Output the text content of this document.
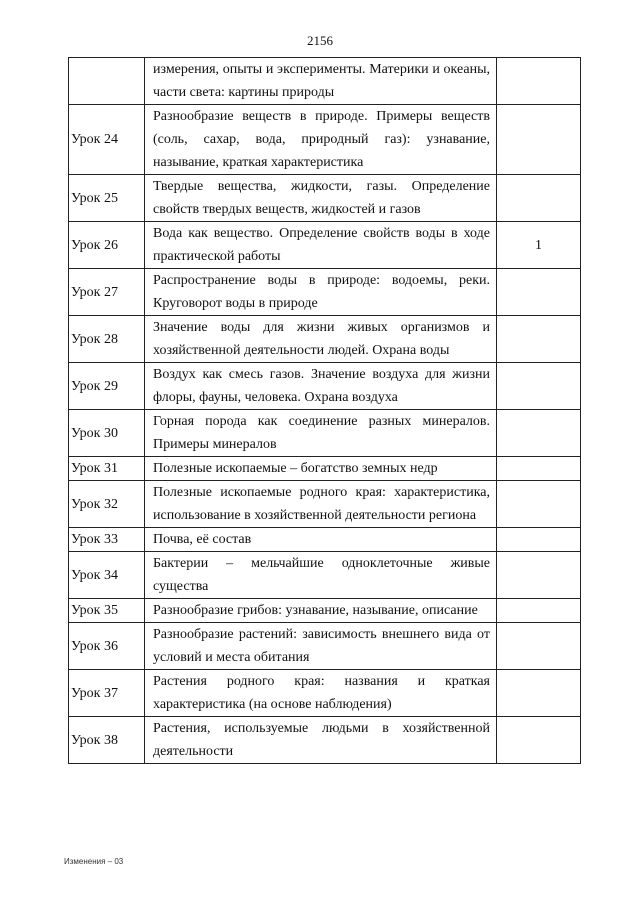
2156
	измерения, опыты и эксперименты. Материки и океаны, части света: картины природы	
Урок 24	Разнообразие веществ в природе. Примеры веществ (соль, сахар, вода, природный газ): узнавание, называние, краткая характеристика	
Урок 25	Твердые вещества, жидкости, газы. Определение свойств твердых веществ, жидкостей и газов	
Урок 26	Вода как вещество. Определение свойств воды в ходе практической работы	1
Урок 27	Распространение воды в природе: водоемы, реки. Круговорот воды в природе	
Урок 28	Значение воды для жизни живых организмов и хозяйственной деятельности людей. Охрана воды	
Урок 29	Воздух как смесь газов. Значение воздуха для жизни флоры, фауны, человека. Охрана воздуха	
Урок 30	Горная порода как соединение разных минералов. Примеры минералов	
Урок 31	Полезные ископаемые – богатство земных недр	
Урок 32	Полезные ископаемые родного края: характеристика, использование в хозяйственной деятельности региона	
Урок 33	Почва, её состав	
Урок 34	Бактерии – мельчайшие одноклеточные живые существа	
Урок 35	Разнообразие грибов: узнавание, называние, описание	
Урок 36	Разнообразие растений: зависимость внешнего вида от условий и места обитания	
Урок 37	Растения родного края: названия и краткая характеристика (на основе наблюдения)	
Урок 38	Растения, используемые людьми в хозяйственной деятельности	
Изменения – 03
